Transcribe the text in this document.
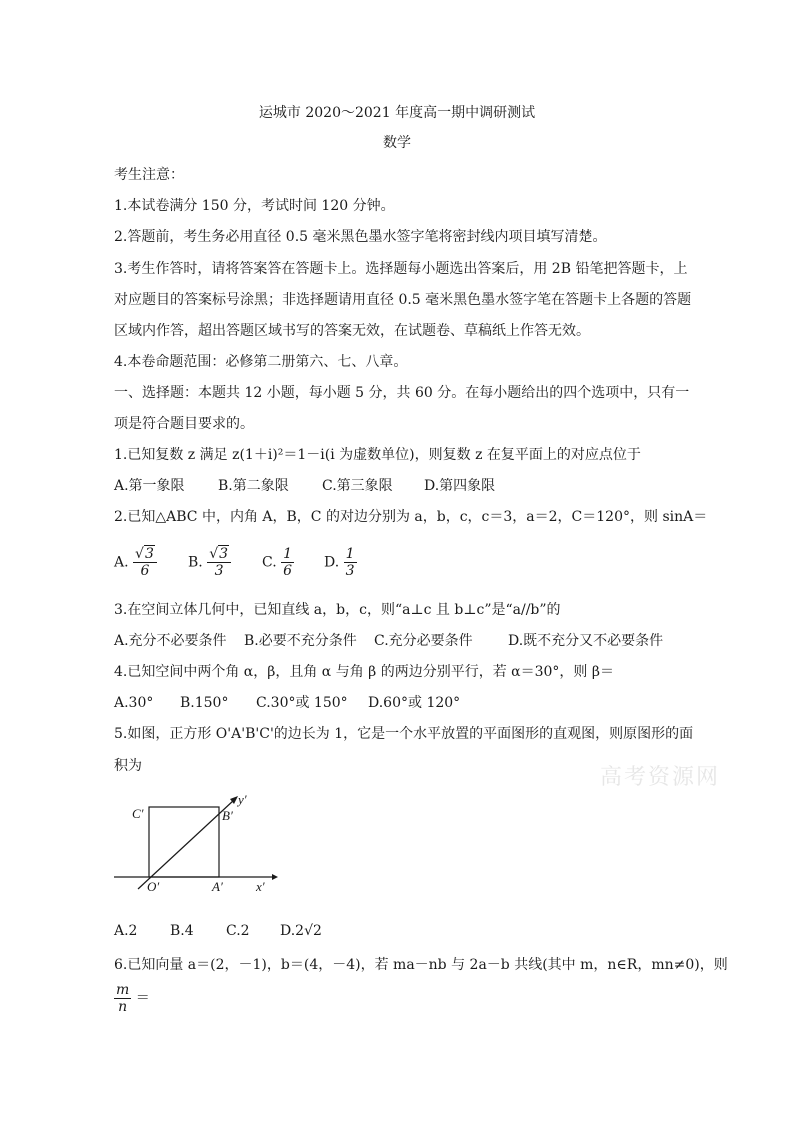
运城市 2020～2021 年度高一期中调研测试
数学
考生注意：
1.本试卷满分 150 分，考试时间 120 分钟。
2.答题前，考生务必用直径 0.5 毫米黑色墨水签字笔将密封线内项目填写清楚。
3.考生作答时，请将答案答在答题卡上。选择题每小题选出答案后，用 2B 铅笔把答题卡，上
对应题目的答案标号涂黑；非选择题请用直径 0.5 毫米黑色墨水签字笔在答题卡上各题的答题
区域内作答，超出答题区域书写的答案无效，在试题卷、草稿纸上作答无效。
4.本卷命题范围：必修第二册第六、七、八章。
一、选择题：本题共 12 小题，每小题 5 分，共 60 分。在每小题给出的四个选项中，只有一
项是符合题目要求的。
1.已知复数 z 满足 z(1＋i)²＝1－i(i 为虚数单位)，则复数 z 在复平面上的对应点位于
A.第一象限 B.第二象限 C.第三象限 D.第四象限
2.已知△ABC 中，内角 A，B，C 的对边分别为 a，b，c，c＝3，a＝2，C＝120°，则 sinA＝
A. $\frac{√3}{6} B$. $\frac{√3}{3} C$. $\frac{1}{6} D$. $\frac{1}{3}$
3.在空间立体几何中，已知直线 a，b，c，则“a⊥c 且 b⊥c”是“a//b”的
A.充分不必要条件 B.必要不充分条件 C.充分必要条件	D.既不充分又不必要条件
4.已知空间中两个角 α，β，且角 α 与角 β 的两边分别平行，若 α＝30°，则 β＝
A.30° B.150° C.30°或 150° D.60°或 120°
5.如图，正方形 O'A'B'C'的边长为 1，它是一个水平放置的平面图形的直观图，则原图形的面
积为	高考资源网
C′	B′
O′	A′	x′
y′
A.2 B.4 C.2 D.2√2
6.已知向量 a＝(2，－1)，b＝(4，－4)，若 ma－nb 与 2a－b 共线(其中 m，n∈R，mn≠0)，则
$\frac{m}{n}$ ＝
